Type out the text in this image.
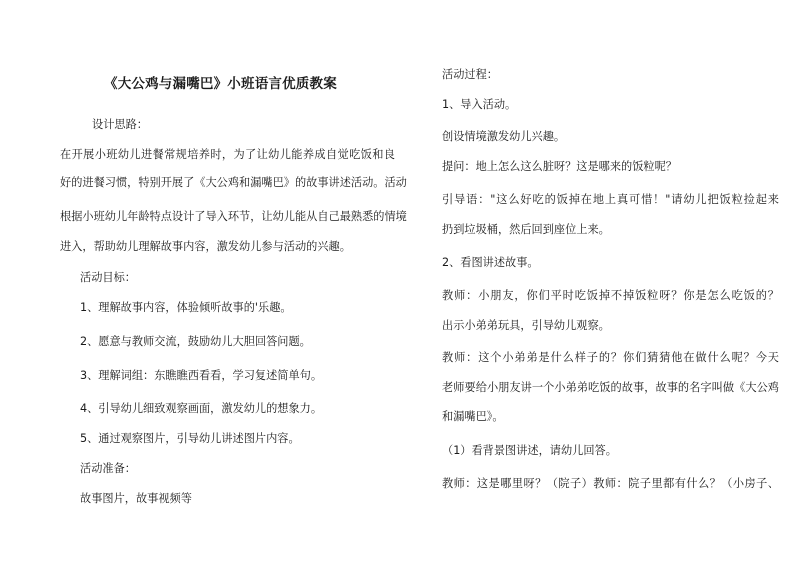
《大公鸡与漏嘴巴》小班语言优质教案
设计思路：
在开展小班幼儿进餐常规培养时，为了让幼儿能养成自觉吃饭和良
好的进餐习惯，特别开展了《大公鸡和漏嘴巴》的故事讲述活动。活动
根据小班幼儿年龄特点设计了导入环节，让幼儿能从自己最熟悉的情境
进入，帮助幼儿理解故事内容，激发幼儿参与活动的兴趣。
活动目标：
1、理解故事内容，体验倾听故事的'乐趣。
2、愿意与教师交流，鼓励幼儿大胆回答问题。
3、理解词组：东瞧瞧西看看，学习复述简单句。
4、引导幼儿细致观察画面，激发幼儿的想象力。
5、通过观察图片，引导幼儿讲述图片内容。
活动准备：
故事图片，故事视频等
活动过程：
1、导入活动。
创设情境激发幼儿兴趣。
提问：地上怎么这么脏呀？这是哪来的饭粒呢？
引导语："这么好吃的饭掉在地上真可惜！"请幼儿把饭粒捡起来
扔到垃圾桶，然后回到座位上来。
2、看图讲述故事。
教师：小朋友，你们平时吃饭掉不掉饭粒呀？你是怎么吃饭的？
出示小弟弟玩具，引导幼儿观察。
教师：这个小弟弟是什么样子的？你们猜猜他在做什么呢？今天
老师要给小朋友讲一个小弟弟吃饭的故事，故事的名字叫做《大公鸡
和漏嘴巴》。
（1）看背景图讲述，请幼儿回答。
教师：这是哪里呀？（院子）教师：院子里都有什么？（小房子、
